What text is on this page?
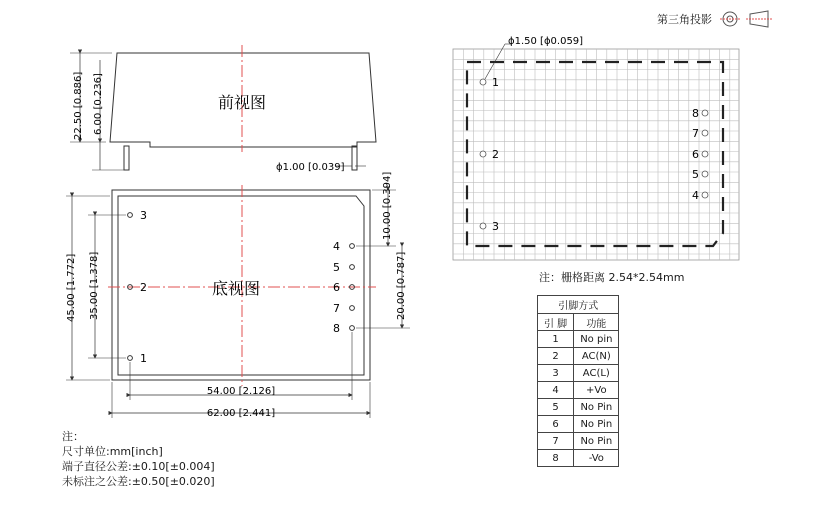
前视图
22.50 [0.886] 6.00 [0.236]
ϕ1.00 [0.039]
底视图
45.00 [1.772] 35.00 [1.378]
10.00 [0.394]
20.00 [0.787]
54.00 [2.126]
62.00 [2.441]
3
2
1
4
5
6
7
8
ϕ1.50 [ϕ0.059]
1
2
3
8
7
6
5
4
第三角投影
注：栅格距离 2.54*2.54mm
引脚方式	
引 脚	功能
1	No pin
2	AC(N)
3	AC(L)
4	+Vo
5	No Pin
6	No Pin
7	No Pin
8	-Vo
注：
尺寸单位:mm[inch]
端子直径公差:±0.10[±0.004]
未标注之公差:±0.50[±0.020]
